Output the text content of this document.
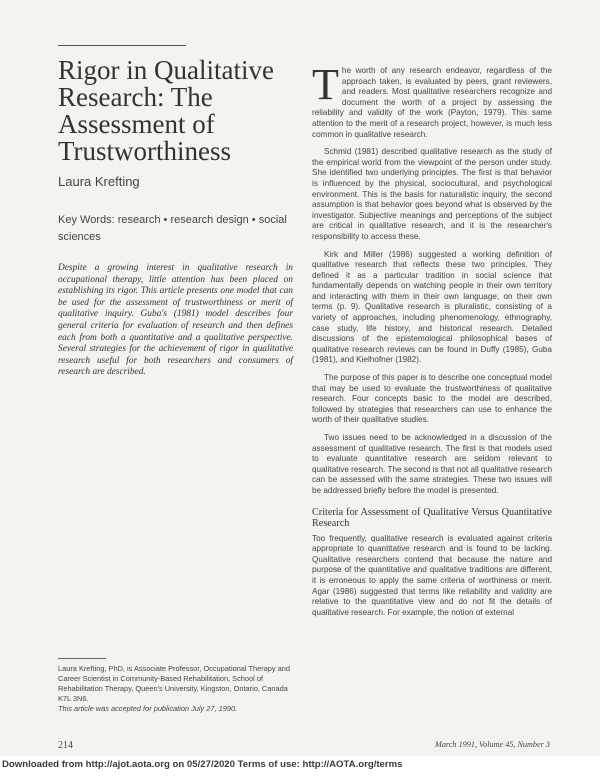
Rigor in Qualitative Research: The Assessment of Trustworthiness
Laura Krefting
Key Words: research • research design • social sciences
Despite a growing interest in qualitative research in occupational therapy, little attention has been placed on establishing its rigor. This article presents one model that can be used for the assessment of trustworthiness or merit of qualitative inquiry. Guba's (1981) model describes four general criteria for evaluation of research and then defines each from both a quantitative and a qualitative perspective. Several strategies for the achievement of rigor in qualitative research useful for both researchers and consumers of research are described.
Laura Krefting, PhD, is Associate Professor, Occupational Therapy and Career Scientist in Community-Based Rehabilitation, School of Rehabilitation Therapy, Queen's University, Kingston, Ontario, Canada K7L 3N6.
This article was accepted for publication July 27, 1990.

The worth of any research endeavor, regardless of the approach taken, is evaluated by peers, grant reviewers, and readers. Most qualitative researchers recognize and document the worth of a project by assessing the reliability and validity of the work (Payton, 1979). This same attention to the merit of a research project, however, is much less common in qualitative research.

Schmid (1981) described qualitative research as the study of the empirical world from the viewpoint of the person under study. She identified two underlying principles. The first is that behavior is influenced by the physical, sociocultural, and psychological environment. This is the basis for naturalistic inquiry, the second assumption is that behavior goes beyond what is observed by the investigator. Subjective meanings and perceptions of the subject are critical in qualitative research, and it is the researcher's responsibility to access these.

Kirk and Miller (1986) suggested a working definition of qualitative research that reflects these two principles. They defined it as a particular tradition in social science that fundamentally depends on watching people in their own territory and interacting with them in their own language, on their own terms (p. 9). Qualitative research is pluralistic, consisting of a variety of approaches, including phenomenology, ethnography, case study, life history, and historical research. Detailed discussions of the epistemological philosophical bases of qualitative research reviews can be found in Duffy (1985), Guba (1981), and Kielhofner (1982).

The purpose of this paper is to describe one conceptual model that may be used to evaluate the trustworthiness of qualitative research. Four concepts basic to the model are described, followed by strategies that researchers can use to enhance the worth of their qualitative studies.

Two issues need to be acknowledged in a discussion of the assessment of qualitative research. The first is that models used to evaluate quantitative research are seldom relevant to qualitative research. The second is that not all qualitative research can be assessed with the same strategies. These two issues will be addressed briefly before the model is presented.

Criteria for Assessment of Qualitative Versus Quantitative Research

Too frequently, qualitative research is evaluated against criteria appropriate to quantitative research and is found to be lacking. Qualitative researchers contend that because the nature and purpose of the quantitative and qualitative traditions are different, it is erroneous to apply the same criteria of worthiness or merit. Agar (1986) suggested that terms like reliability and validity are relative to the quantitative view and do not fit the details of qualitative research. For example, the notion of external

214	March 1991, Volume 45, Number 3
Downloaded from http://ajot.aota.org on 05/27/2020 Terms of use: http://AOTA.org/terms
